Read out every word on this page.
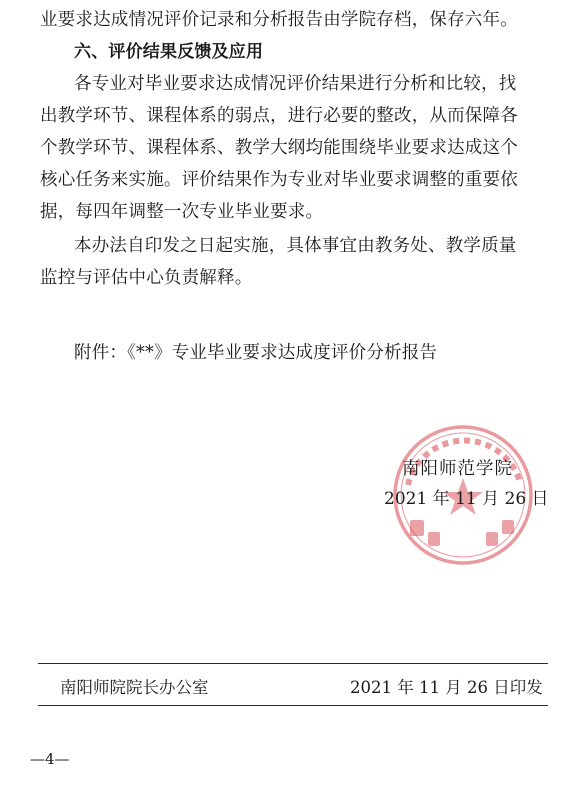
业要求达成情况评价记录和分析报告由学院存档，保存六年。
六、评价结果反馈及应用
各专业对毕业要求达成情况评价结果进行分析和比较，找
出教学环节、课程体系的弱点，进行必要的整改，从而保障各
个教学环节、课程体系、教学大纲均能围绕毕业要求达成这个
核心任务来实施。评价结果作为专业对毕业要求调整的重要依
据，每四年调整一次专业毕业要求。
本办法自印发之日起实施，具体事宜由教务处、教学质量
监控与评估中心负责解释。
附件：《**》专业毕业要求达成度评价分析报告
南阳师范学院
2021 年 11 月 26 日
南阳师院院长办公室	2021 年 11 月 26 日印发
—4—
